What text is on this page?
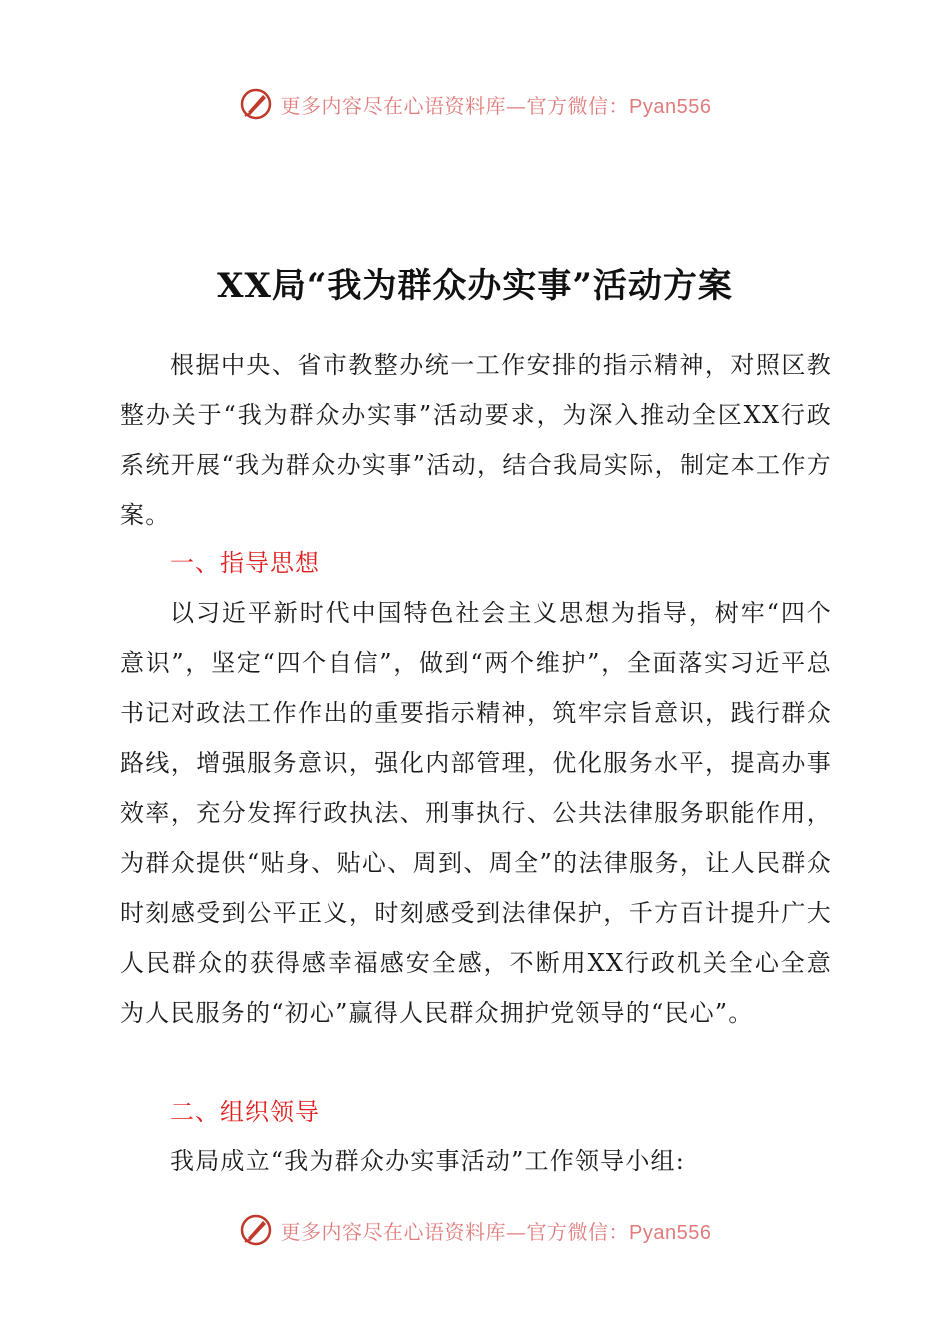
更多内容尽在心语资料库—官方微信：Pyan556
XX局“我为群众办实事”活动方案

根据中央、省市教整办统一工作安排的指示精神，对照区教整办关于“我为群众办实事”活动要求，为深入推动全区XX行政系统开展“我为群众办实事”活动，结合我局实际，制定本工作方案。

一、指导思想

以习近平新时代中国特色社会主义思想为指导，树牢“四个意识”，坚定“四个自信”，做到“两个维护”，全面落实习近平总书记对政法工作作出的重要指示精神，筑牢宗旨意识，践行群众路线，增强服务意识，强化内部管理，优化服务水平，提高办事效率，充分发挥行政执法、刑事执行、公共法律服务职能作用，为群众提供“贴身、贴心、周到、周全”的法律服务，让人民群众时刻感受到公平正义，时刻感受到法律保护，千方百计提升广大人民群众的获得感幸福感安全感，不断用XX行政机关全心全意为人民服务的“初心”赢得人民群众拥护党领导的“民心”。

二、组织领导

我局成立“我为群众办实事活动”工作领导小组:

更多内容尽在心语资料库—官方微信：Pyan556
